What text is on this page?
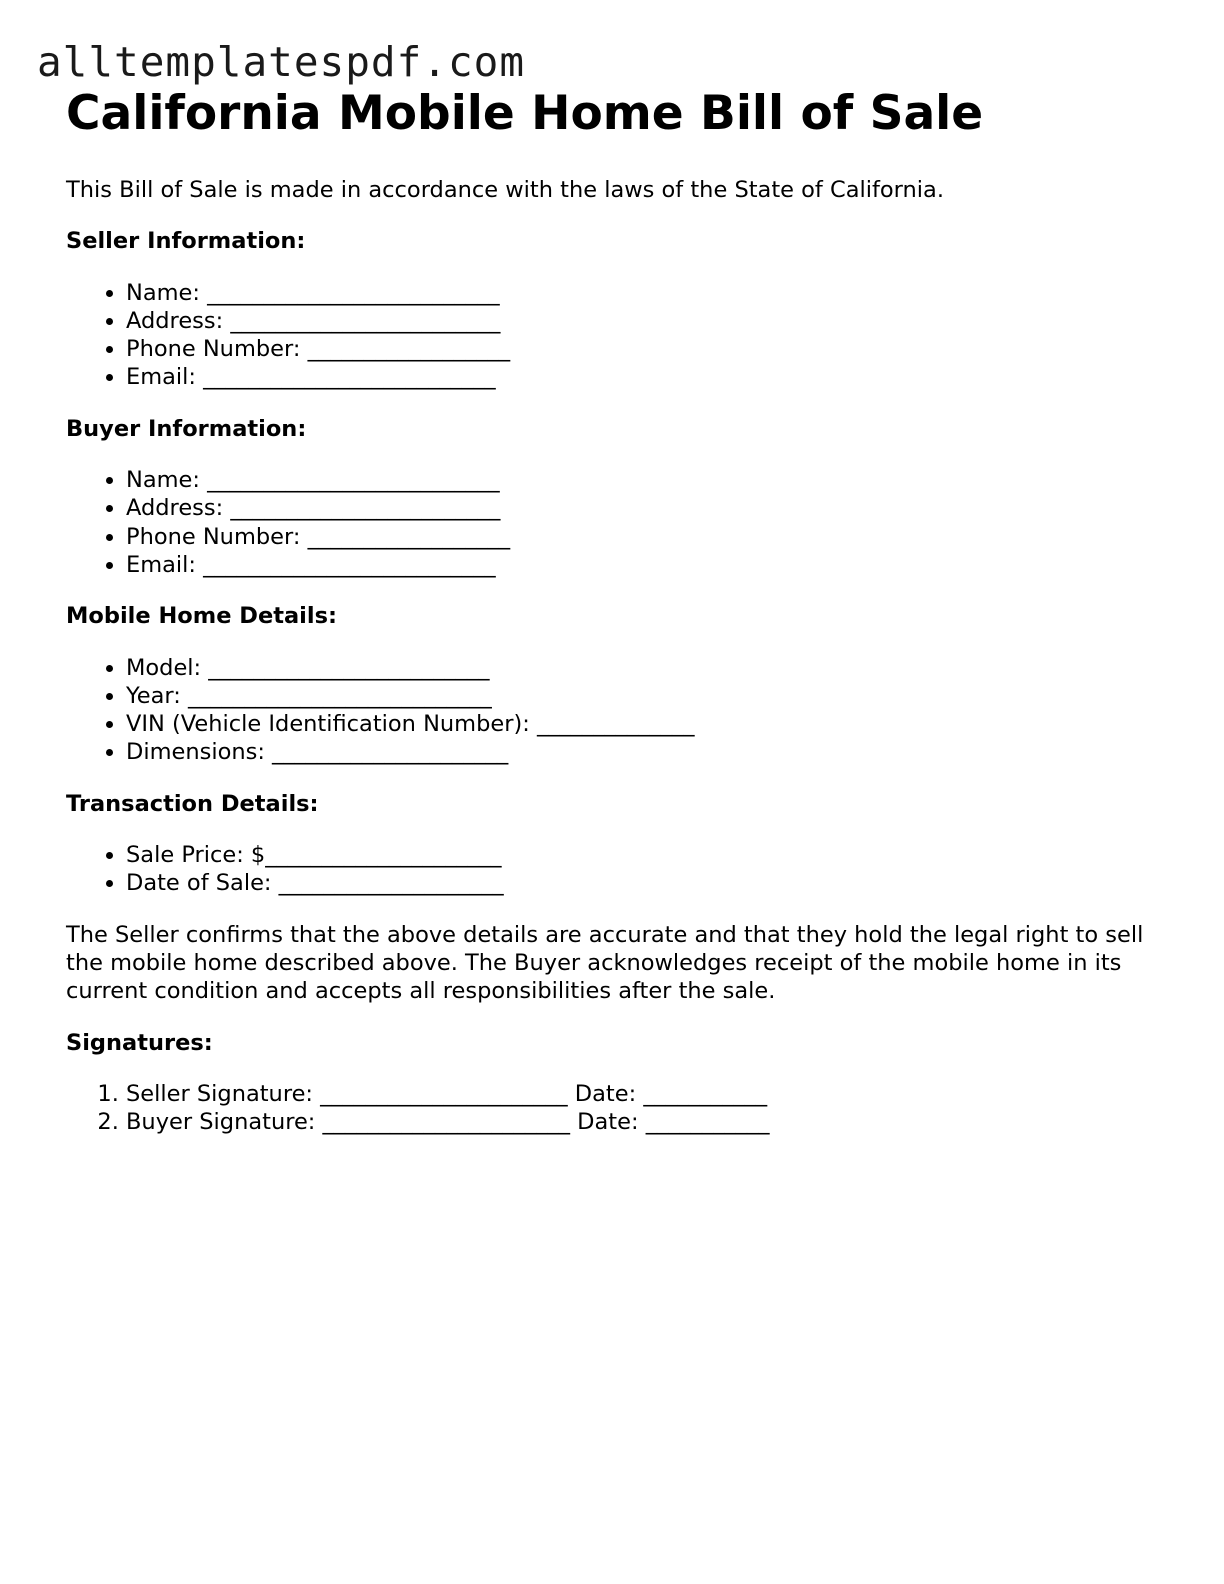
alltemplatespdf.com
California Mobile Home Bill of Sale

This Bill of Sale is made in accordance with the laws of the State of California.

Seller Information:
• Name: __________________________
• Address: ________________________
• Phone Number: __________________
• Email: __________________________
Buyer Information:
• Name: __________________________
• Address: ________________________
• Phone Number: __________________
• Email: __________________________
Mobile Home Details:
• Model: _________________________
• Year: ___________________________
• VIN (Vehicle Identification Number): ______________
• Dimensions: _____________________
Transaction Details:
• Sale Price: $_____________________
• Date of Sale: ____________________

The Seller confirms that the above details are accurate and that they hold the legal right to sell the mobile home described above. The Buyer acknowledges receipt of the mobile home in its current condition and accepts all responsibilities after the sale.

Signatures:
1. Seller Signature: ______________________ Date: ___________
2. Buyer Signature: ______________________ Date: ___________
